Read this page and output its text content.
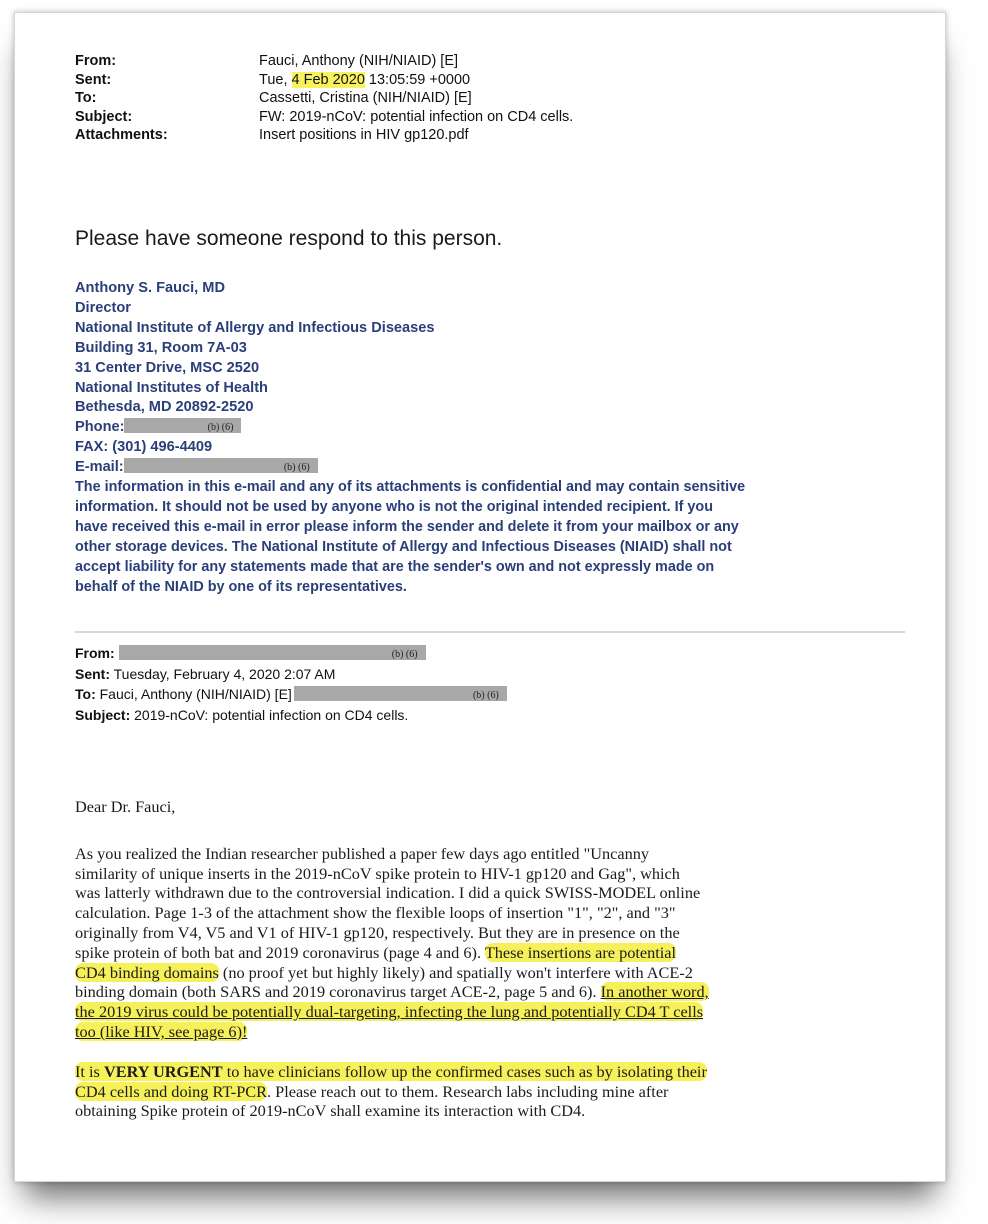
From:	Fauci, Anthony (NIH/NIAID) [E]
Sent:	Tue, 4 Feb 2020 13:05:59 +0000
To:	Cassetti, Cristina (NIH/NIAID) [E]
Subject:	FW: 2019-nCoV: potential infection on CD4 cells.
Attachments:	Insert positions in HIV gp120.pdf
Please have someone respond to this person.
Anthony S. Fauci, MD
Director
National Institute of Allergy and Infectious Diseases
Building 31, Room 7A-03
31 Center Drive, MSC 2520
National Institutes of Health
Bethesda, MD 20892-2520
Phone:	(b) (6)
FAX: (301) 496-4409
E-mail:	(b) (6)
The information in this e-mail and any of its attachments is confidential and may contain sensitive
information. It should not be used by anyone who is not the original intended recipient. If you
have received this e-mail in error please inform the sender and delete it from your mailbox or any
other storage devices. The National Institute of Allergy and Infectious Diseases (NIAID) shall not
accept liability for any statements made that are the sender's own and not expressly made on
behalf of the NIAID by one of its representatives.
From:	(b) (6)
Sent: Tuesday, February 4, 2020 2:07 AM
To: Fauci, Anthony (NIH/NIAID) [E]	(b) (6)
Subject: 2019-nCoV: potential infection on CD4 cells.

Dear Dr. Fauci,

As you realized the Indian researcher published a paper few days ago entitled "Uncanny
similarity of unique inserts in the 2019-nCoV spike protein to HIV-1 gp120 and Gag", which
was latterly withdrawn due to the controversial indication. I did a quick SWISS-MODEL online
calculation. Page 1-3 of the attachment show the flexible loops of insertion "1", "2", and "3"
originally from V4, V5 and V1 of HIV-1 gp120, respectively. But they are in presence on the
spike protein of both bat and 2019 coronavirus (page 4 and 6). These insertions are potential
CD4 binding domains (no proof yet but highly likely) and spatially won't interfere with ACE-2
binding domain (both SARS and 2019 coronavirus target ACE-2, page 5 and 6). In another word,
the 2019 virus could be potentially dual-targeting, infecting the lung and potentially CD4 T cells
too (like HIV, see page 6)!
It is VERY URGENT to have clinicians follow up the confirmed cases such as by isolating their
CD4 cells and doing RT-PCR. Please reach out to them. Research labs including mine after
obtaining Spike protein of 2019-nCoV shall examine its interaction with CD4.
